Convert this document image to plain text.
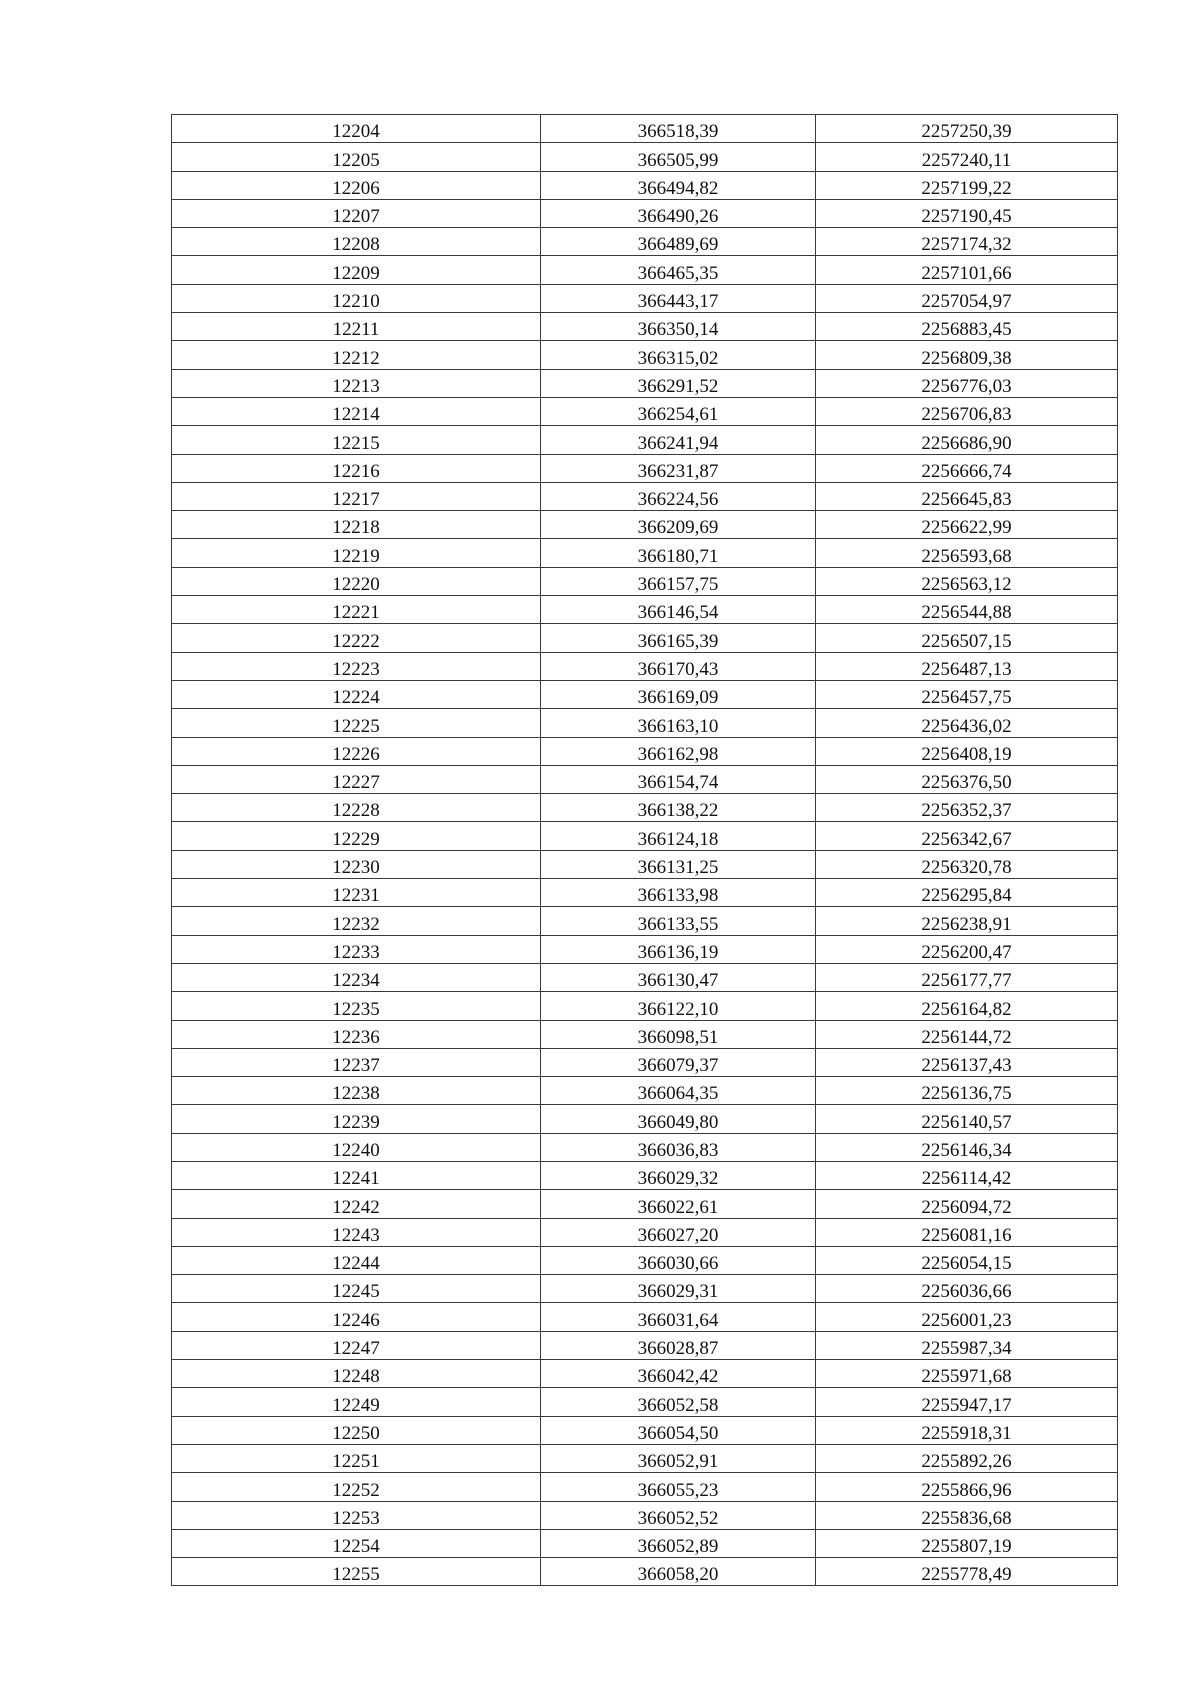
12204	366518,39	2257250,39
12205	366505,99	2257240,11
12206	366494,82	2257199,22
12207	366490,26	2257190,45
12208	366489,69	2257174,32
12209	366465,35	2257101,66
12210	366443,17	2257054,97
12211	366350,14	2256883,45
12212	366315,02	2256809,38
12213	366291,52	2256776,03
12214	366254,61	2256706,83
12215	366241,94	2256686,90
12216	366231,87	2256666,74
12217	366224,56	2256645,83
12218	366209,69	2256622,99
12219	366180,71	2256593,68
12220	366157,75	2256563,12
12221	366146,54	2256544,88
12222	366165,39	2256507,15
12223	366170,43	2256487,13
12224	366169,09	2256457,75
12225	366163,10	2256436,02
12226	366162,98	2256408,19
12227	366154,74	2256376,50
12228	366138,22	2256352,37
12229	366124,18	2256342,67
12230	366131,25	2256320,78
12231	366133,98	2256295,84
12232	366133,55	2256238,91
12233	366136,19	2256200,47
12234	366130,47	2256177,77
12235	366122,10	2256164,82
12236	366098,51	2256144,72
12237	366079,37	2256137,43
12238	366064,35	2256136,75
12239	366049,80	2256140,57
12240	366036,83	2256146,34
12241	366029,32	2256114,42
12242	366022,61	2256094,72
12243	366027,20	2256081,16
12244	366030,66	2256054,15
12245	366029,31	2256036,66
12246	366031,64	2256001,23
12247	366028,87	2255987,34
12248	366042,42	2255971,68
12249	366052,58	2255947,17
12250	366054,50	2255918,31
12251	366052,91	2255892,26
12252	366055,23	2255866,96
12253	366052,52	2255836,68
12254	366052,89	2255807,19
12255	366058,20	2255778,49
